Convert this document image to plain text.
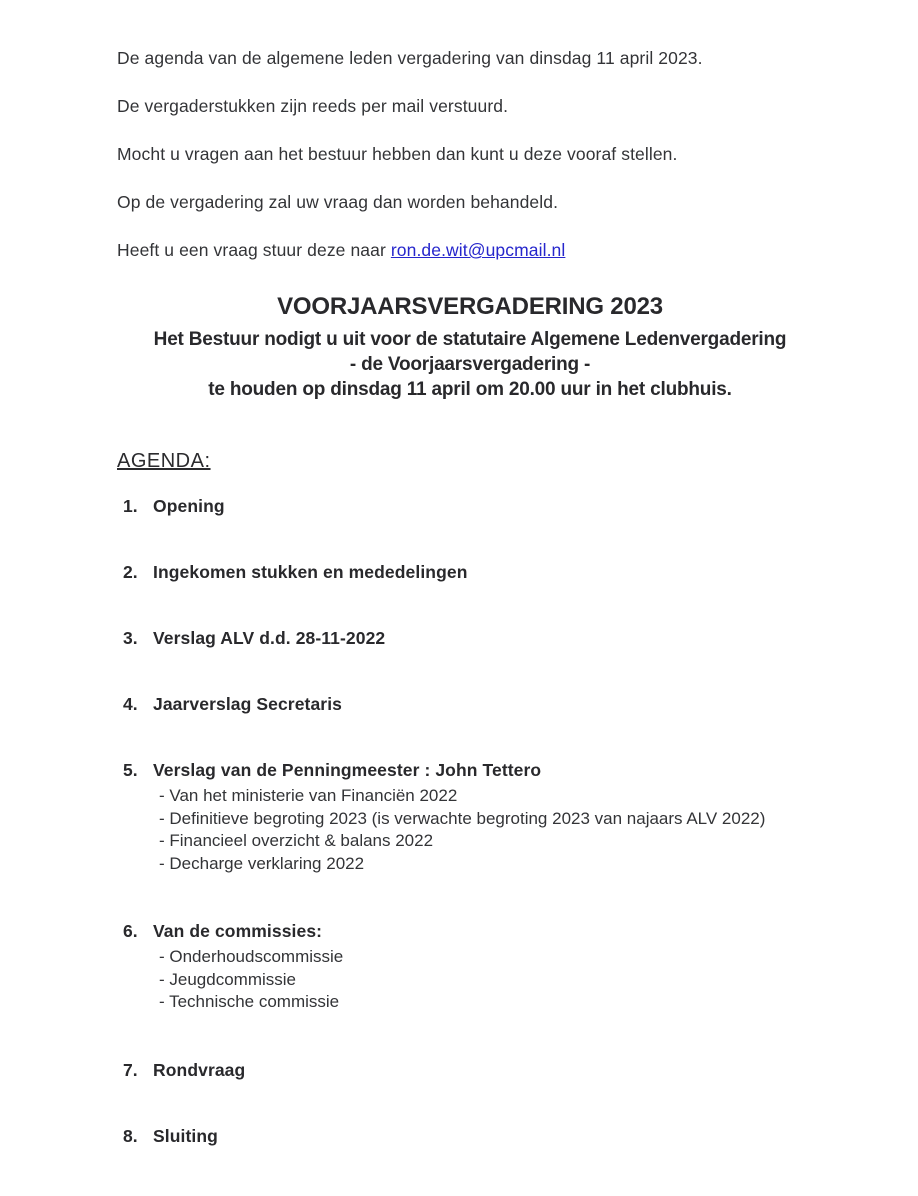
De agenda van de algemene leden vergadering van dinsdag 11 april 2023.

De vergaderstukken zijn reeds per mail verstuurd.

Mocht u vragen aan het bestuur hebben dan kunt u deze vooraf stellen.

Op de vergadering zal uw vraag dan worden behandeld.

Heeft u een vraag stuur deze naar ron.de.wit@upcmail.nl

VOORJAARSVERGADERING 2023
Het Bestuur nodigt u uit voor de statutaire Algemene Ledenvergadering
- de Voorjaarsvergadering -
te houden op dinsdag 11 april om 20.00 uur in het clubhuis.
AGENDA:
1. Opening
2. Ingekomen stukken en mededelingen
3. Verslag ALV d.d. 28-11-2022
4. Jaarverslag Secretaris
5. Verslag van de Penningmeester : John Tettero
- Van het ministerie van Financiën 2022
- Definitieve begroting 2023 (is verwachte begroting 2023 van najaars ALV 2022)
- Financieel overzicht & balans 2022
- Decharge verklaring 2022
6. Van de commissies:
- Onderhoudscommissie
- Jeugdcommissie
- Technische commissie
7. Rondvraag
8. Sluiting
